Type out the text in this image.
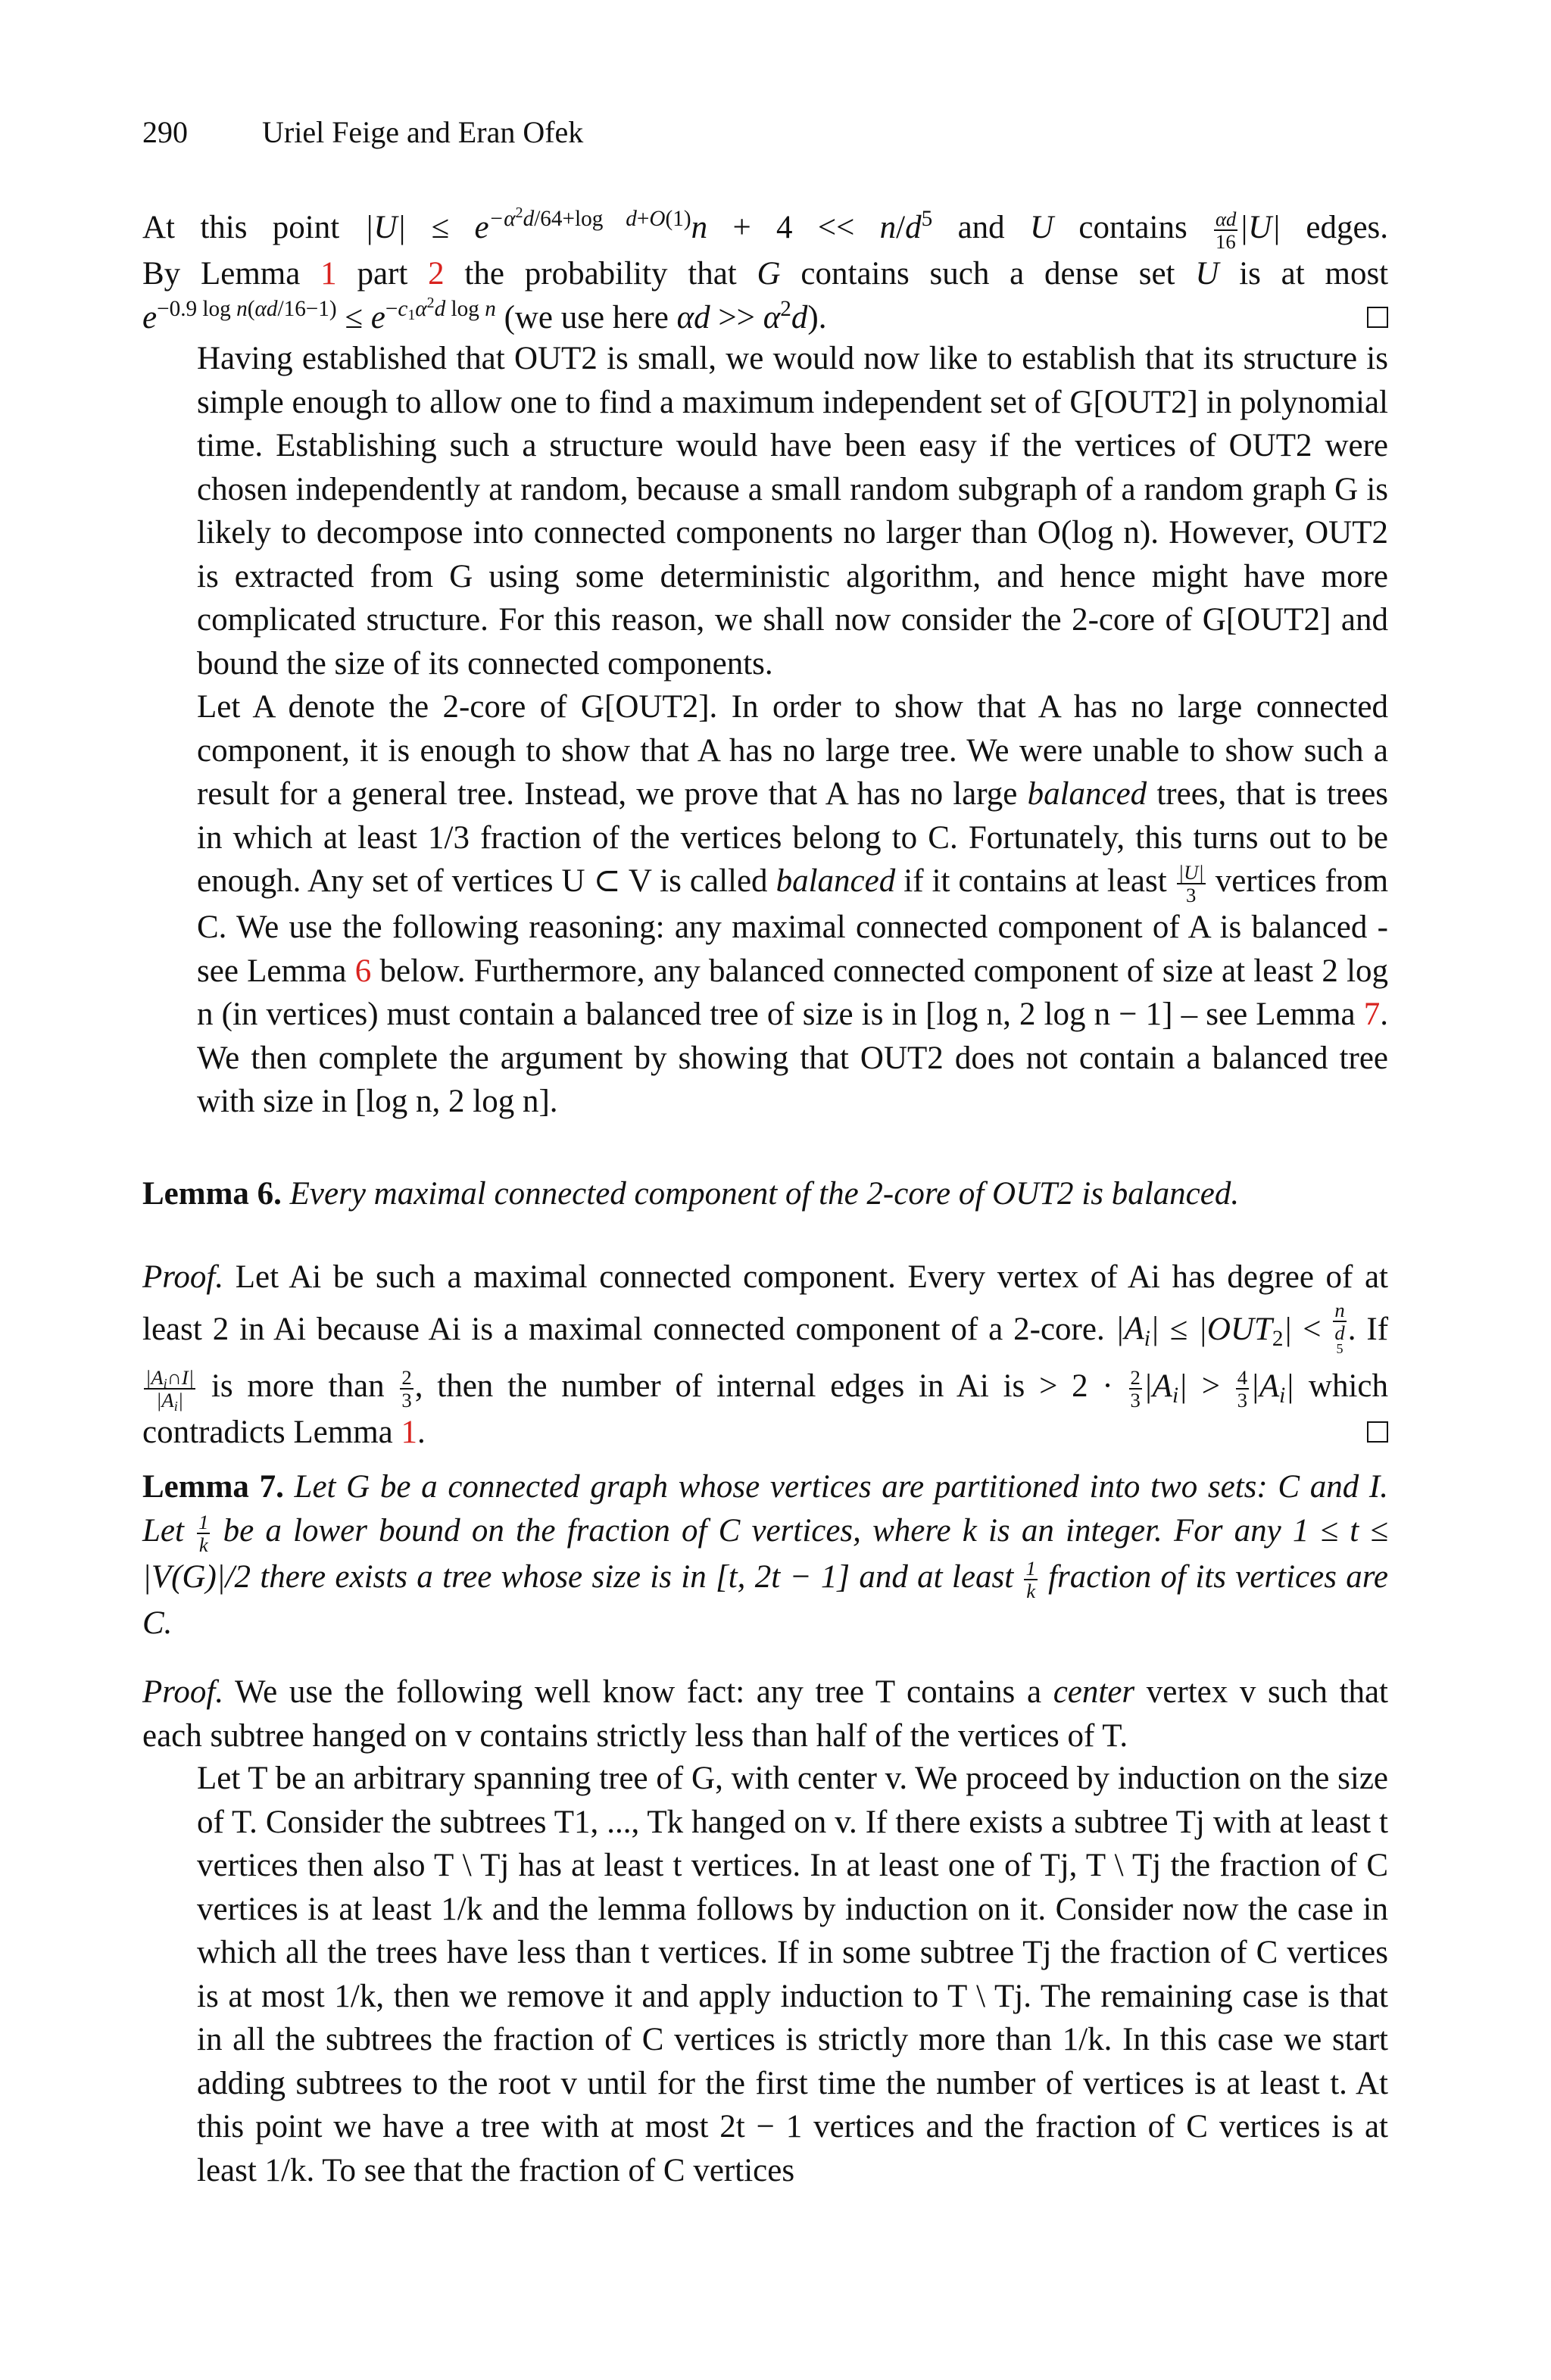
290 Uriel Feige and Eran Ofek
At this point $|U| \le e^{-\alpha^2d/64+log d+O(1)}n + 4 << n/d^5$ and U contains $\frac{\alpha d}{16} |U|$ edges.
By Lemma 1 part 2 the probability that G contains such a dense set U is at most
$e^{-0.9 log n(\alpha d/16-1)} \le e^{-c_1\alpha^2d log n}$ (we use here $\alpha d >> \alpha^2d$).
Having established that OUT2 is small, we would now like to establish that its structure is simple enough to allow one to find a maximum independent set of G[OUT2] in polynomial time. Establishing such a structure would have been easy if the vertices of OUT2 were chosen independently at random, because a small random subgraph of a random graph G is likely to decompose into connected components no larger than O(log n). However, OUT2 is extracted from G using some deterministic algorithm, and hence might have more complicated structure. For this reason, we shall now consider the 2-core of G[OUT2] and bound the size of its connected components.
Let A denote the 2-core of G[OUT2]. In order to show that A has no large connected component, it is enough to show that A has no large tree. We were unable to show such a result for a general tree. Instead, we prove that A has no large balanced trees, that is trees in which at least 1/3 fraction of the vertices belong to C. Fortunately, this turns out to be enough. Any set of vertices U ⊂ V is called balanced if it contains at least $\frac{|U|}{3}$ vertices from C. We use the following reasoning: any maximal connected component of A is balanced - see Lemma 6 below. Furthermore, any balanced connected component of size at least 2 log n (in vertices) must contain a balanced tree of size is in [log n, 2 log n − 1] – see Lemma 7. We then complete the argument by showing that OUT2 does not contain a balanced tree with size in [log n, 2 log n].
Lemma 6. Every maximal connected component of the 2-core of OUT2 is balanced.
Proof. Let Ai be such a maximal connected component. Every vertex of Ai has degree of at least 2 in Ai because Ai is a maximal connected component of a 2-core. $|A_i| \le |OUT_2|$ <
n
d
$^5$. If
$\frac{|A_i\cap I|}{|A_i|}$ is more than $\frac{2}{3}$ , then the number of internal edges in Ai is > $2 \cdot \frac{2}{3} |A_i| > \frac{4}{3} |A_i|$ which contradicts Lemma 1.
Lemma 7. Let G be a connected graph whose vertices are partitioned into two sets: C and I. Let $\frac{1}{k}$ be a lower bound on the fraction of C vertices, where k is an integer. For any 1 ≤ t ≤ |V(G)|/2 there exists a tree whose size is in [t, 2t − 1] and at least $\frac{1}{k}$ fraction of its vertices are C.
Proof. We use the following well know fact: any tree T contains a center vertex v such that each subtree hanged on v contains strictly less than half of the vertices of T.
Let T be an arbitrary spanning tree of G, with center v. We proceed by induction on the size of T. Consider the subtrees T1, ..., Tk hanged on v. If there exists a subtree Tj with at least t vertices then also T \ Tj has at least t vertices. In at least one of Tj, T \ Tj the fraction of C vertices is at least 1/k and the lemma follows by induction on it. Consider now the case in which all the trees have less than t vertices. If in some subtree Tj the fraction of C vertices is at most 1/k, then we remove it and apply induction to T \ Tj. The remaining case is that in all the subtrees the fraction of C vertices is strictly more than 1/k. In this case we start adding subtrees to the root v until for the first time the number of vertices is at least t. At this point we have a tree with at most 2t − 1 vertices and the fraction of C vertices is at least 1/k. To see that the fraction of C vertices
